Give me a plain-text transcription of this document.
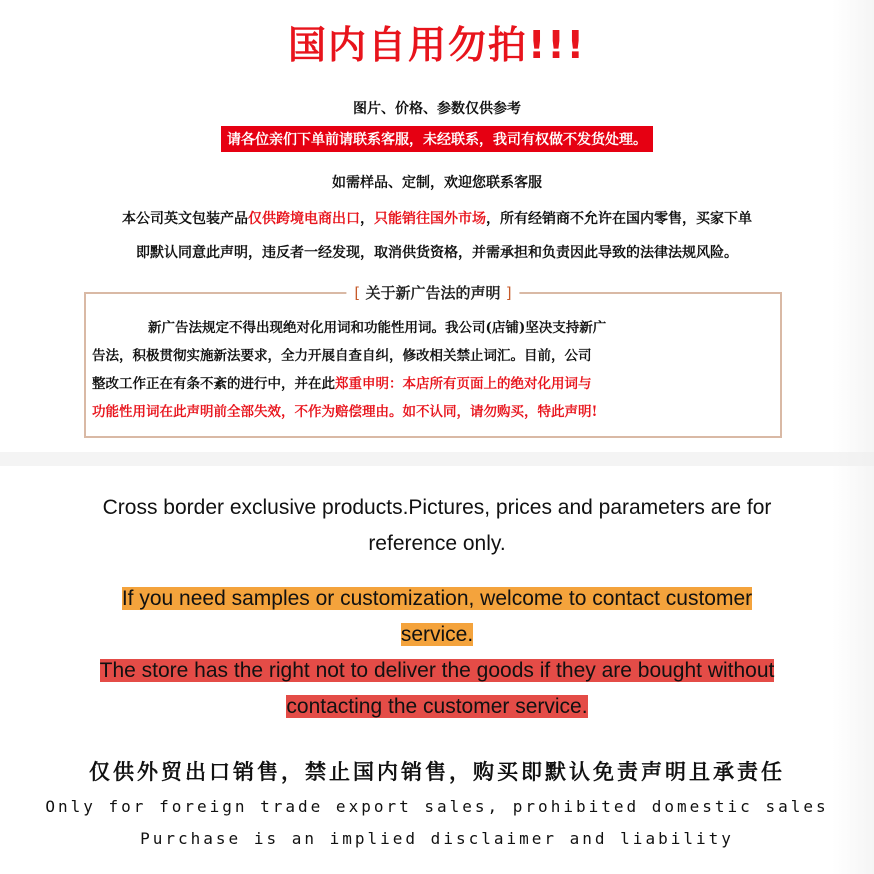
国内自用勿拍!!!
图片、价格、参数仅供参考
请各位亲们下单前请联系客服，未经联系，我司有权做不发货处理。
如需样品、定制，欢迎您联系客服
本公司英文包装产品仅供跨境电商出口，只能销往国外市场，所有经销商不允许在国内零售，买家下单
即默认同意此声明，违反者一经发现，取消供货资格，并需承担和负责因此导致的法律法规风险。
[ 关于新广告法的声明 ]

新广告法规定不得出现绝对化用词和功能性用词。我公司(店铺)坚决支持新广

告法，积极贯彻实施新法要求，全力开展自查自纠，修改相关禁止词汇。目前，公司

整改工作正在有条不紊的进行中，并在此郑重申明：本店所有页面上的绝对化用词与

功能性用词在此声明前全部失效，不作为赔偿理由。如不认同，请勿购买，特此声明!

Cross border exclusive products.Pictures, prices and parameters are for
reference only.
If you need samples or customization, welcome to contact customer
service.
The store has the right not to deliver the goods if they are bought without
contacting the customer service.
仅供外贸出口销售，禁止国内销售，购买即默认免责声明且承责任
Only for foreign trade export sales, prohibited domestic sales
Purchase is an implied disclaimer and liability
